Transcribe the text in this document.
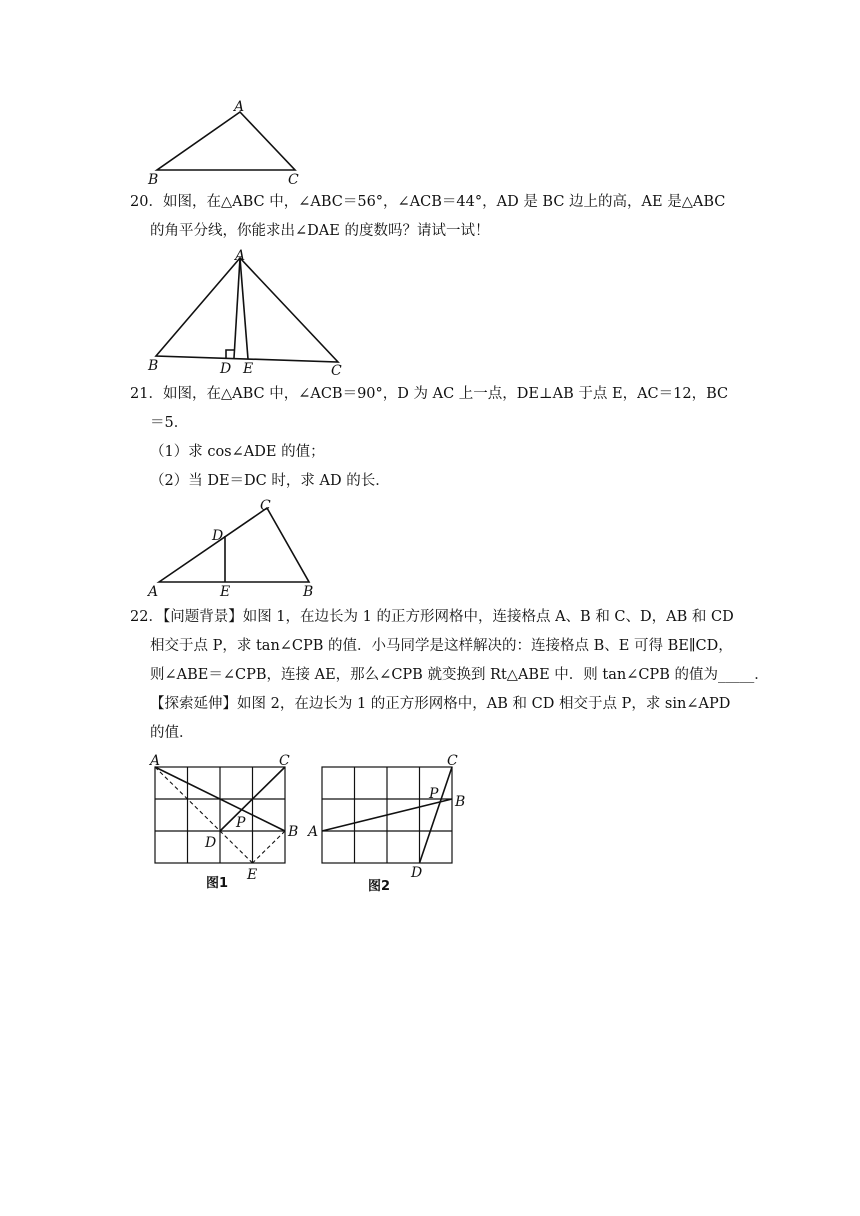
A
B	C
20．如图，在△ABC 中，∠ABC＝56°，∠ACB＝44°，AD 是 BC 边上的高，AE 是△ABC
的角平分线，你能求出∠DAE 的度数吗？请试一试！
A
B	C
D E
21．如图，在△ABC 中，∠ACB＝90°，D 为 AC 上一点，DE⊥AB 于点 E，AC＝12，BC
＝5．
（1）求 cos∠ADE 的值；
（2）当 DE＝DC 时，求 AD 的长．
C
D
A	E	B
22．【问题背景】如图 1，在边长为 1 的正方形网格中，连接格点 A、B 和 C、D，AB 和 CD
相交于点 P，求 tan∠CPB 的值．小马同学是这样解决的：连接格点 B、E 可得 BE∥CD，
则∠ABE＝∠CPB，连接 AE，那么∠CPB 就变换到 Rt△ABE 中．则 tan∠CPB 的值为_____．
【探索延伸】如图 2，在边长为 1 的正方形网格中，AB 和 CD 相交于点 P，求 sin∠APD
的值．
A	C
P
B
D
E
图1
C
P B
A
D
图2
